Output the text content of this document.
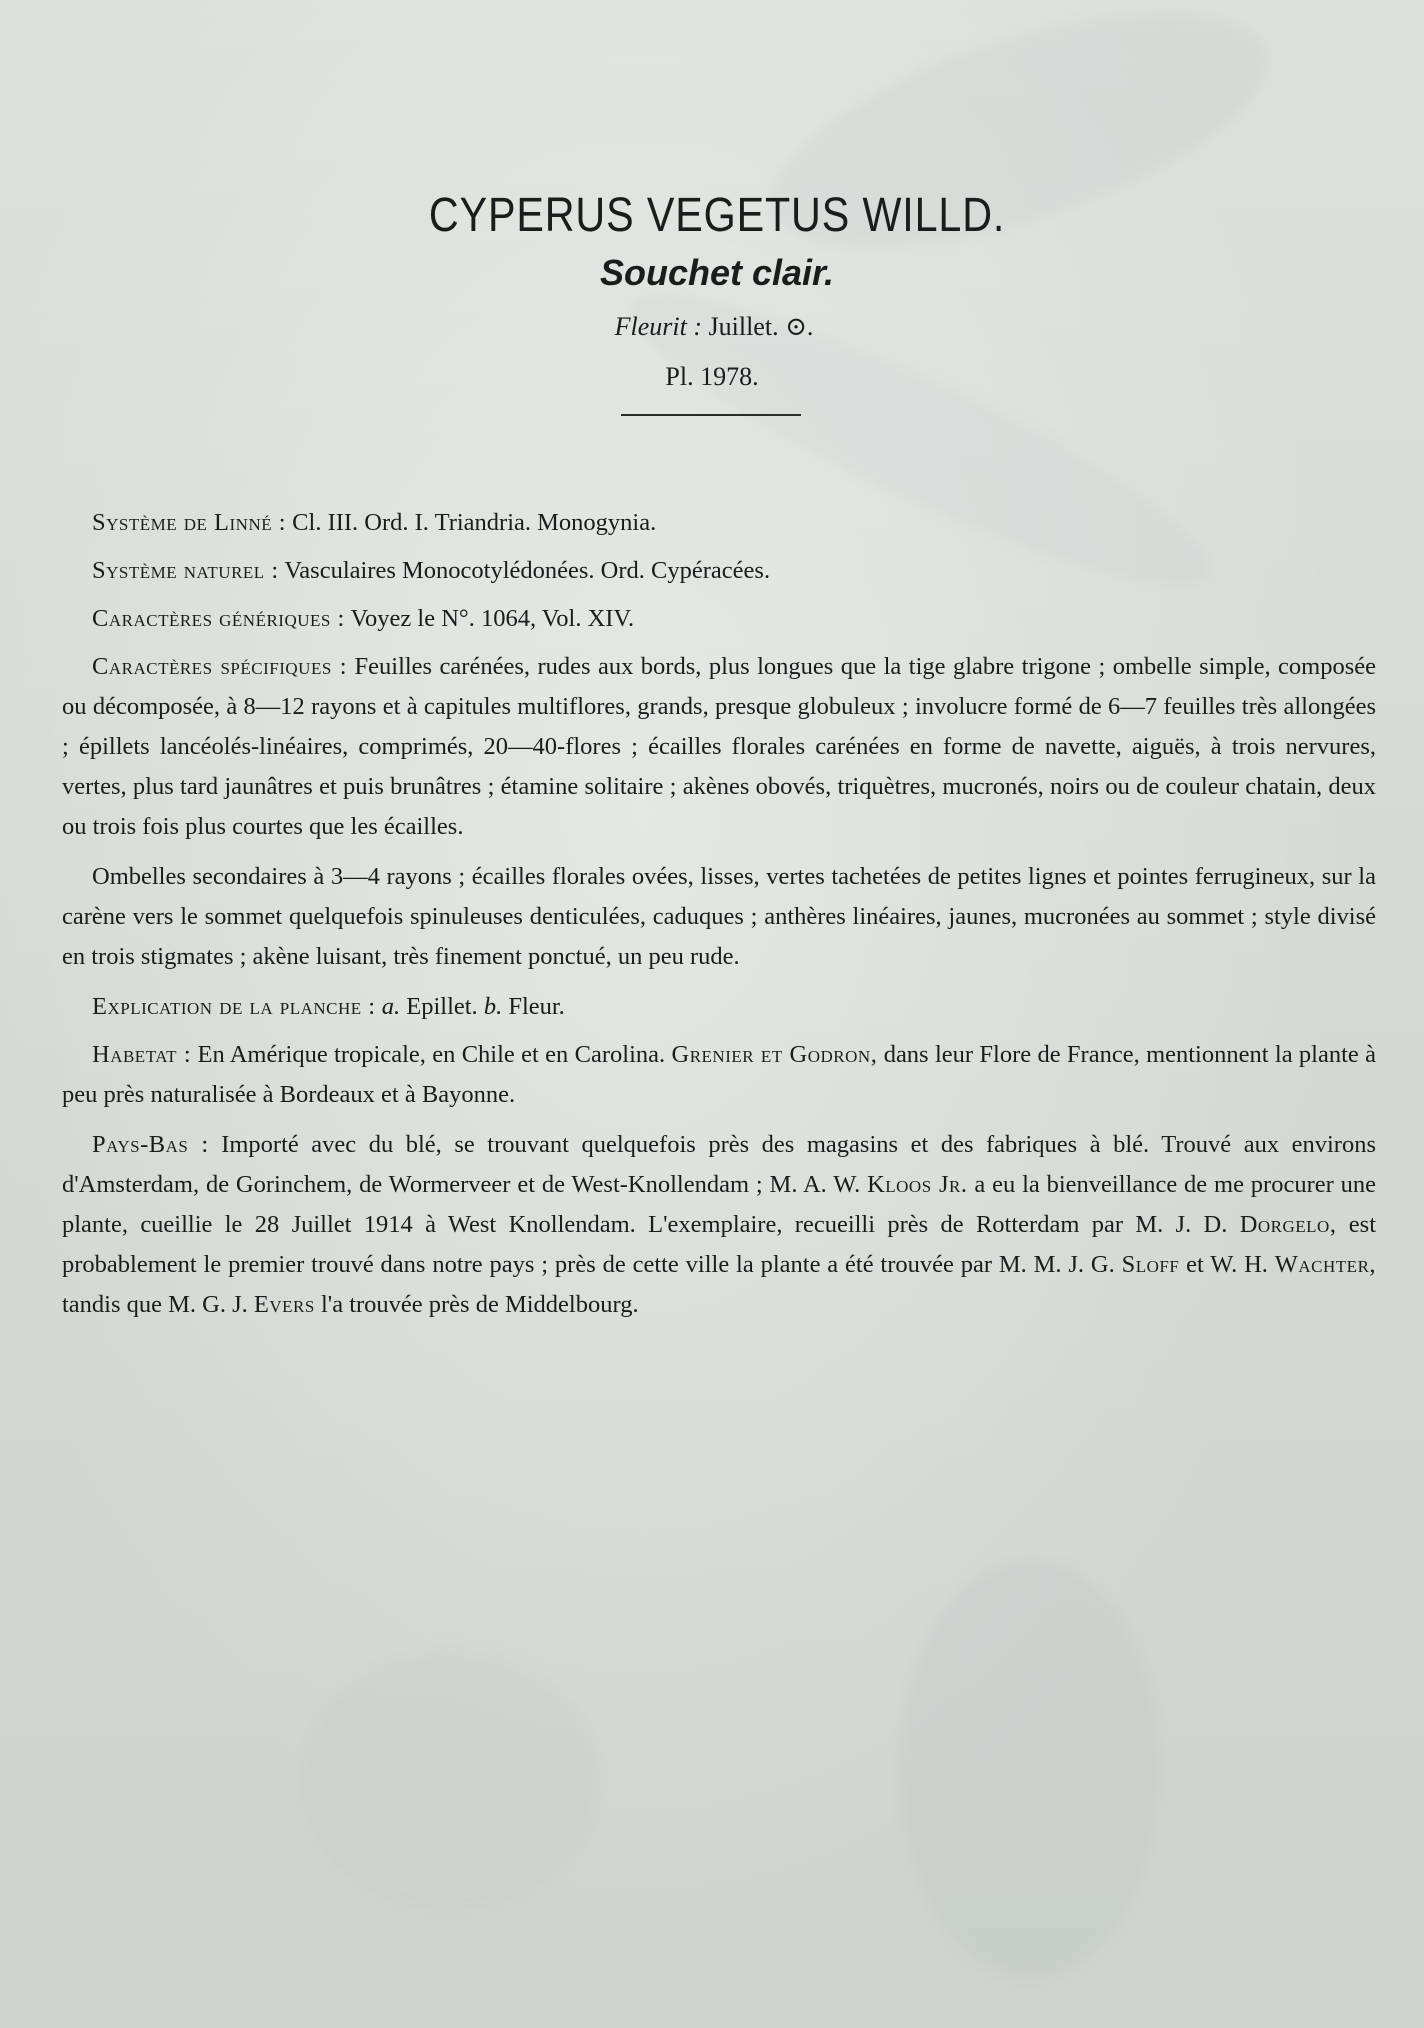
CYPERUS VEGETUS WILLD.
Souchet clair.
Fleurit : Juillet. ⊙.
Pl. 1978.

Système de Linné : Cl. III. Ord. I. Triandria. Monogynia.

Système naturel : Vasculaires Monocotylédonées. Ord. Cypéracées.

Caractères génériques : Voyez le N°. 1064, Vol. XIV.

Caractères spécifiques : Feuilles carénées, rudes aux bords, plus longues que la tige glabre trigone ; ombelle simple, composée ou décomposée, à 8—12 rayons et à capitules multiflores, grands, presque globuleux ; involucre formé de 6—7 feuilles très allongées ; épillets lancéolés-linéaires, comprimés, 20—40-flores ; écailles florales carénées en forme de navette, aiguës, à trois nervures, vertes, plus tard jaunâtres et puis brunâtres ; étamine solitaire ; akènes obovés, triquètres, mucronés, noirs ou de couleur chatain, deux ou trois fois plus courtes que les écailles.

Ombelles secondaires à 3—4 rayons ; écailles florales ovées, lisses, vertes tachetées de petites lignes et pointes ferrugineux, sur la carène vers le sommet quelquefois spinuleuses denticulées, caduques ; anthères linéaires, jaunes, mucronées au sommet ; style divisé en trois stigmates ; akène luisant, très finement ponctué, un peu rude.

Explication de la planche : a. Epillet. b. Fleur.

Habetat : En Amérique tropicale, en Chile et en Carolina. Grenier et Godron, dans leur Flore de France, mentionnent la plante à peu près naturalisée à Bordeaux et à Bayonne.

Pays-Bas : Importé avec du blé, se trouvant quelquefois près des magasins et des fabriques à blé. Trouvé aux environs d'Amsterdam, de Gorinchem, de Wormerveer et de West-Knollendam ; M. A. W. Kloos Jr. a eu la bienveillance de me procurer une plante, cueillie le 28 Juillet 1914 à West Knollendam. L'exemplaire, recueilli près de Rotterdam par M. J. D. Dorgelo, est probablement le premier trouvé dans notre pays ; près de cette ville la plante a été trouvée par M. M. J. G. Sloff et W. H. Wachter, tandis que M. G. J. Evers l'a trouvée près de Middelbourg.
